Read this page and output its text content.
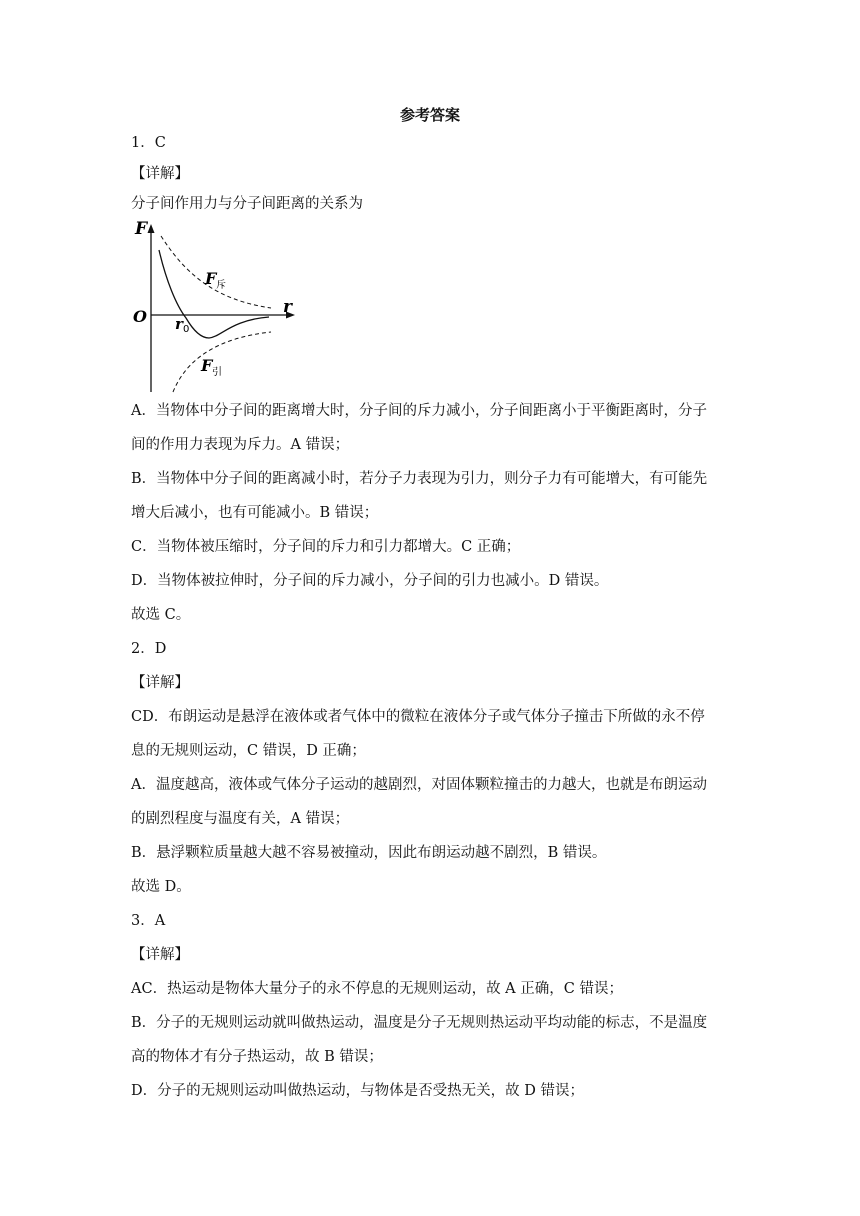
参考答案
1．C
【详解】
分子间作用力与分子间距离的关系为
F
r
O r 0
F 斥
F 引
A．当物体中分子间的距离增大时，分子间的斥力减小，分子间距离小于平衡距离时，分子
间的作用力表现为斥力。A 错误；
B．当物体中分子间的距离减小时，若分子力表现为引力，则分子力有可能增大，有可能先
增大后减小，也有可能减小。B 错误；
C．当物体被压缩时，分子间的斥力和引力都增大。C 正确；
D．当物体被拉伸时，分子间的斥力减小，分子间的引力也减小。D 错误。
故选 C。
2．D
【详解】
CD．布朗运动是悬浮在液体或者气体中的微粒在液体分子或气体分子撞击下所做的永不停
息的无规则运动，C 错误，D 正确；
A．温度越高，液体或气体分子运动的越剧烈，对固体颗粒撞击的力越大，也就是布朗运动
的剧烈程度与温度有关，A 错误；
B．悬浮颗粒质量越大越不容易被撞动，因此布朗运动越不剧烈，B 错误。
故选 D。
3．A
【详解】
AC．热运动是物体大量分子的永不停息的无规则运动，故 A 正确，C 错误；
B．分子的无规则运动就叫做热运动，温度是分子无规则热运动平均动能的标志，不是温度
高的物体才有分子热运动，故 B 错误；
D．分子的无规则运动叫做热运动，与物体是否受热无关，故 D 错误；
